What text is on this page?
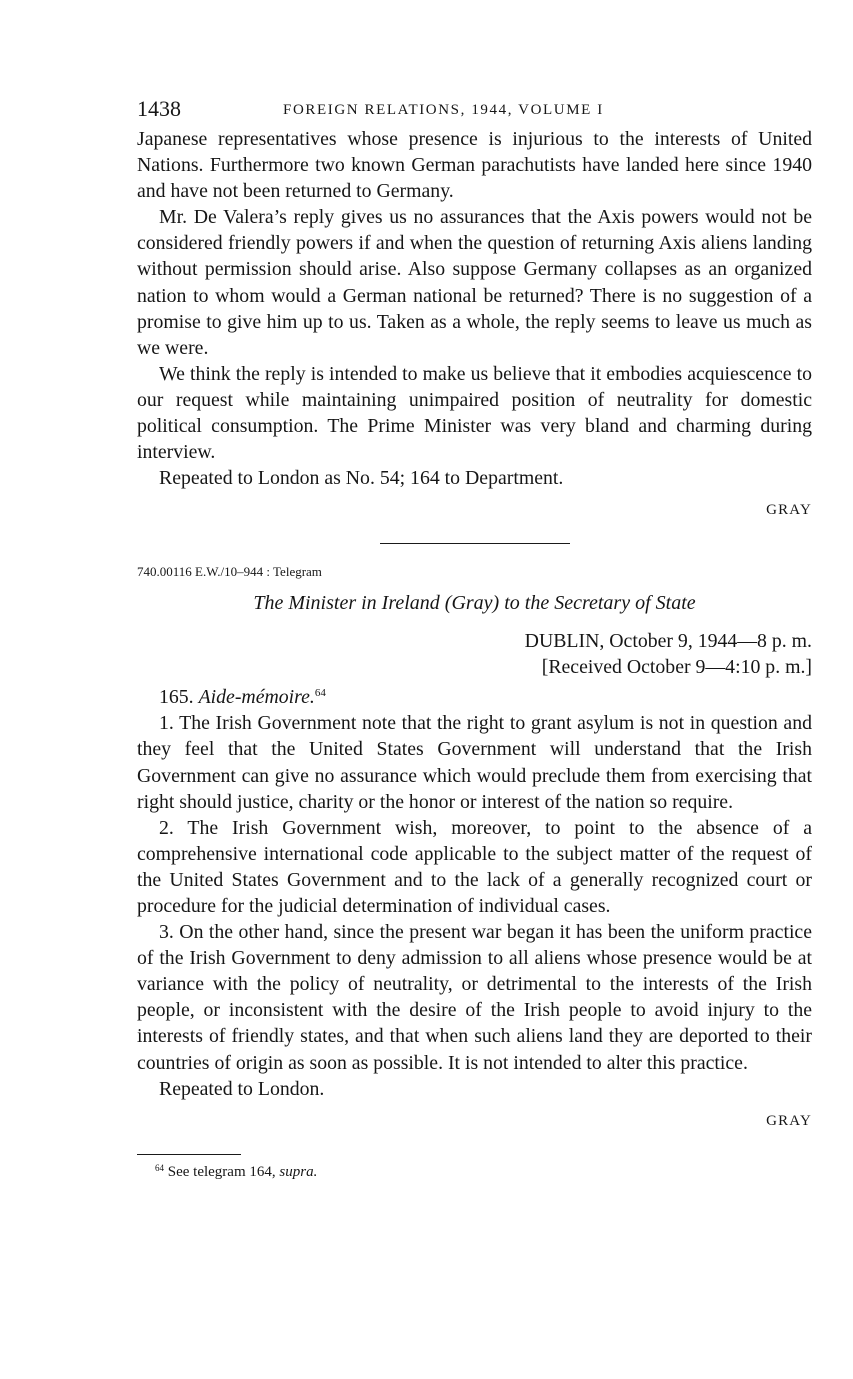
1438	FOREIGN RELATIONS, 1944, VOLUME I

Japanese representatives whose presence is injurious to the interests of United Nations. Furthermore two known German parachutists have landed here since 1940 and have not been returned to Germany.

Mr. De Valera’s reply gives us no assurances that the Axis powers would not be considered friendly powers if and when the question of returning Axis aliens landing without permission should arise. Also suppose Germany collapses as an organized nation to whom would a German national be returned? There is no suggestion of a promise to give him up to us. Taken as a whole, the reply seems to leave us much as we were.

We think the reply is intended to make us believe that it embodies acquiescence to our request while maintaining unimpaired position of neutrality for domestic political consumption. The Prime Minister was very bland and charming during interview.

Repeated to London as No. 54; 164 to Department.

GRAY
740.00116 E.W./10–944 : Telegram
The Minister in Ireland (Gray) to the Secretary of State
DUBLIN, October 9, 1944—8 p. m.
[Received October 9—4:10 p. m.]
165. Aide-mémoire.$^{64}$

1. The Irish Government note that the right to grant asylum is not in question and they feel that the United States Government will understand that the Irish Government can give no assurance which would preclude them from exercising that right should justice, charity or the honor or interest of the nation so require.

2. The Irish Government wish, moreover, to point to the absence of a comprehensive international code applicable to the subject matter of the request of the United States Government and to the lack of a generally recognized court or procedure for the judicial determination of individual cases.

3. On the other hand, since the present war began it has been the uniform practice of the Irish Government to deny admission to all aliens whose presence would be at variance with the policy of neutrality, or detrimental to the interests of the Irish people, or inconsistent with the desire of the Irish people to avoid injury to the interests of friendly states, and that when such aliens land they are deported to their countries of origin as soon as possible. It is not intended to alter this practice.

Repeated to London.

GRAY
$^{64}$ See telegram 164, supra.
